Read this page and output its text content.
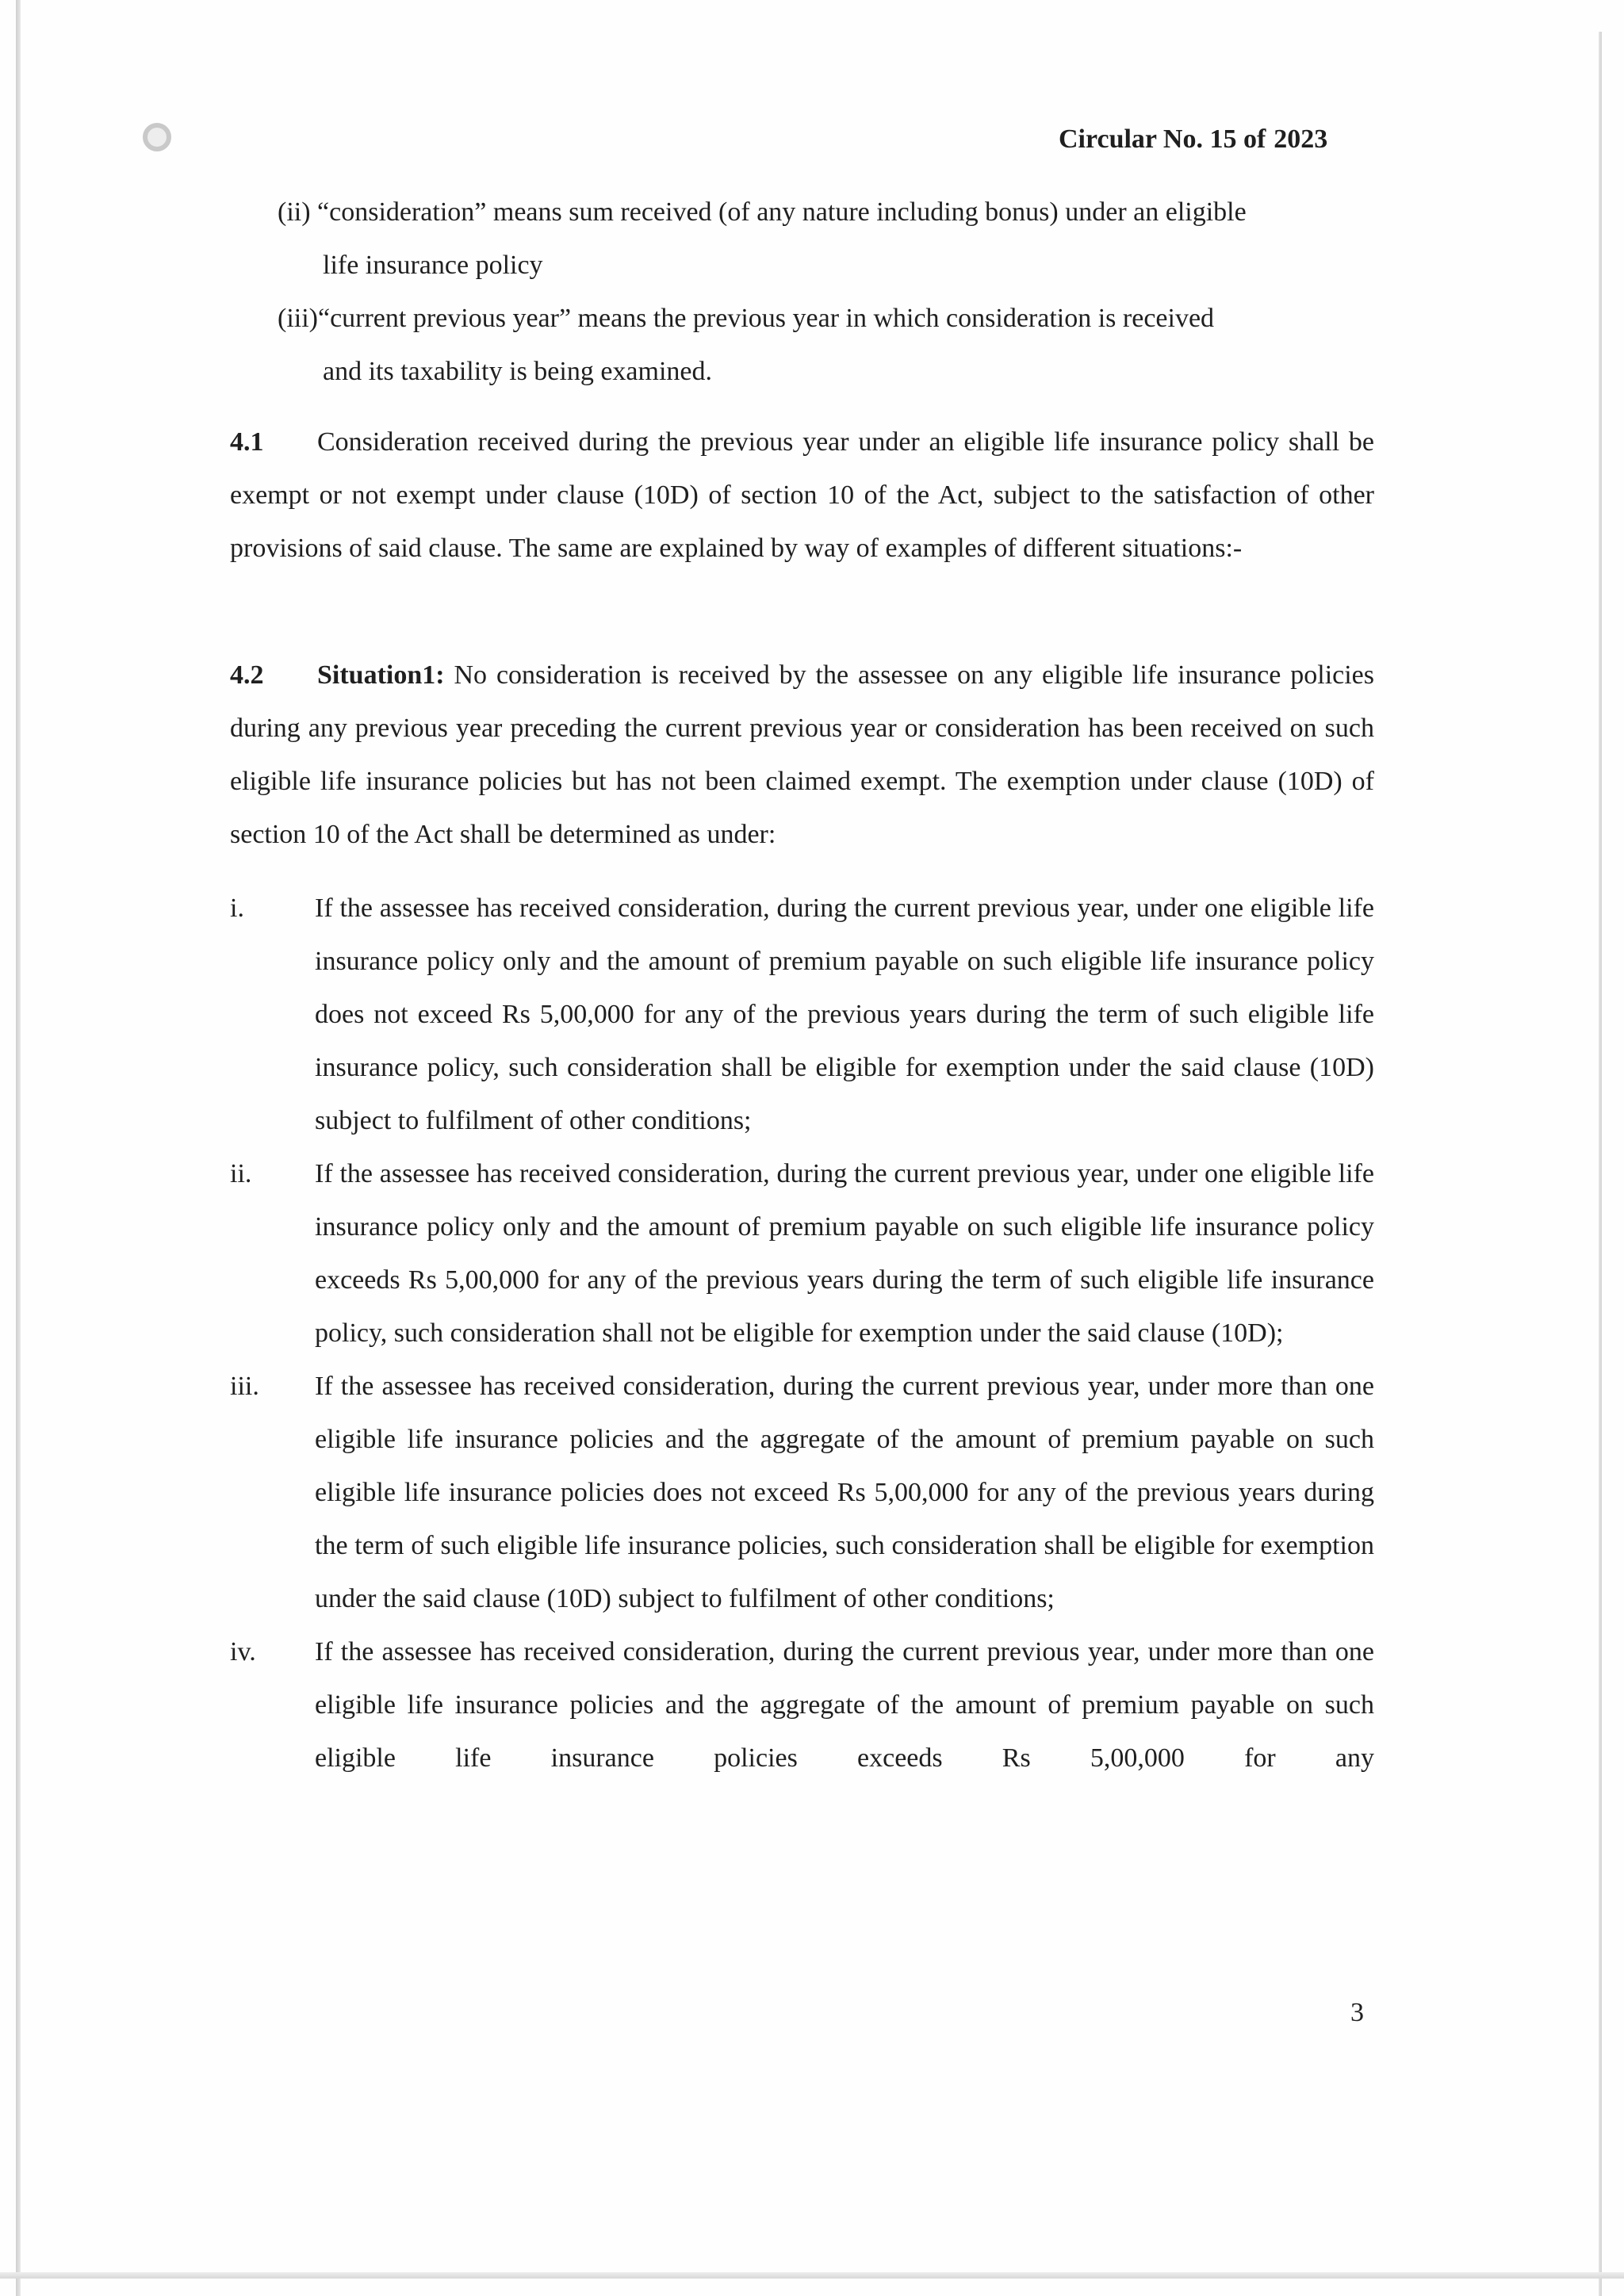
Circular No. 15 of 2023
(ii) “consideration” means sum received (of any nature including bonus) under an eligible
life insurance policy
(iii)“current previous year” means the previous year in which consideration is received
and its taxability is being examined.
4.1 Consideration received during the previous year under an eligible life insurance policy shall be exempt or not exempt under clause (10D) of section 10 of the Act, subject to the satisfaction of other provisions of said clause. The same are explained by way of examples of different situations:-
4.2 Situation1: No consideration is received by the assessee on any eligible life insurance policies during any previous year preceding the current previous year or consideration has been received on such eligible life insurance policies but has not been claimed exempt. The exemption under clause (10D) of section 10 of the Act shall be determined as under:
i.	If the assessee has received consideration, during the current previous year, under one eligible life insurance policy only and the amount of premium payable on such eligible life insurance policy does not exceed Rs 5,00,000 for any of the previous years during the term of such eligible life insurance policy, such consideration shall be eligible for exemption under the said clause (10D) subject to fulfilment of other conditions;
ii.	If the assessee has received consideration, during the current previous year, under one eligible life insurance policy only and the amount of premium payable on such eligible life insurance policy exceeds Rs 5,00,000 for any of the previous years during the term of such eligible life insurance policy, such consideration shall not be eligible for exemption under the said clause (10D);
iii.	If the assessee has received consideration, during the current previous year, under more than one eligible life insurance policies and the aggregate of the amount of premium payable on such eligible life insurance policies does not exceed Rs 5,00,000 for any of the previous years during the term of such eligible life insurance policies, such consideration shall be eligible for exemption under the said clause (10D) subject to fulfilment of other conditions;
iv.	If the assessee has received consideration, during the current previous year, under more than one eligible life insurance policies and the aggregate of the amount of premium payable on such eligible life insurance policies exceeds Rs 5,00,000 for any
3
